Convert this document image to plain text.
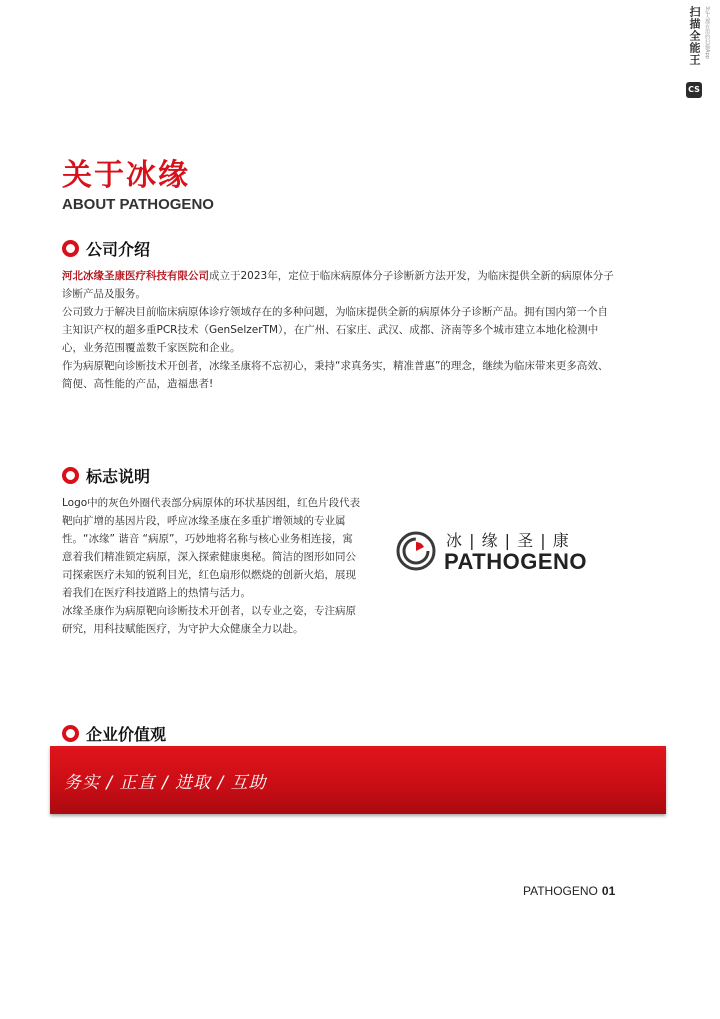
扫描全能王 3亿人都在用的扫描App
CS
关于冰缘
ABOUT PATHOGENO
公司介绍

河北冰缘圣康医疗科技有限公司成立于2023年，定位于临床病原体分子诊断新方法开发，为临床提供全新的病原体分子诊断产品及服务。

公司致力于解决目前临床病原体诊疗领域存在的多种问题，为临床提供全新的病原体分子诊断产品。拥有国内第一个自主知识产权的超多重PCR技术（GenSelzerTM），在广州、石家庄、武汉、成都、济南等多个城市建立本地化检测中心，业务范围覆盖数千家医院和企业。

作为病原靶向诊断技术开创者，冰缘圣康将不忘初心，秉持“求真务实，精准普惠”的理念，继续为临床带来更多高效、简便、高性能的产品，造福患者!

标志说明

Logo中的灰色外圈代表部分病原体的环状基因组，红色片段代表靶向扩增的基因片段，呼应冰缘圣康在多重扩增领域的专业属性。“冰缘” 谐音 “病原”，巧妙地将名称与核心业务相连接，寓意着我们精准锁定病原，深入探索健康奥秘。简洁的图形如同公司探索医疗未知的锐利目光，红色扇形似燃烧的创新火焰，展现着我们在医疗科技道路上的热情与活力。

冰缘圣康作为病原靶向诊断技术开创者，以专业之姿，专注病原研究，用科技赋能医疗，为守护大众健康全力以赴。

冰 | 缘 | 圣 | 康
PATHOGENO
企业价值观
务实 / 正直 / 进取 / 互助
PATHOGENO 01
